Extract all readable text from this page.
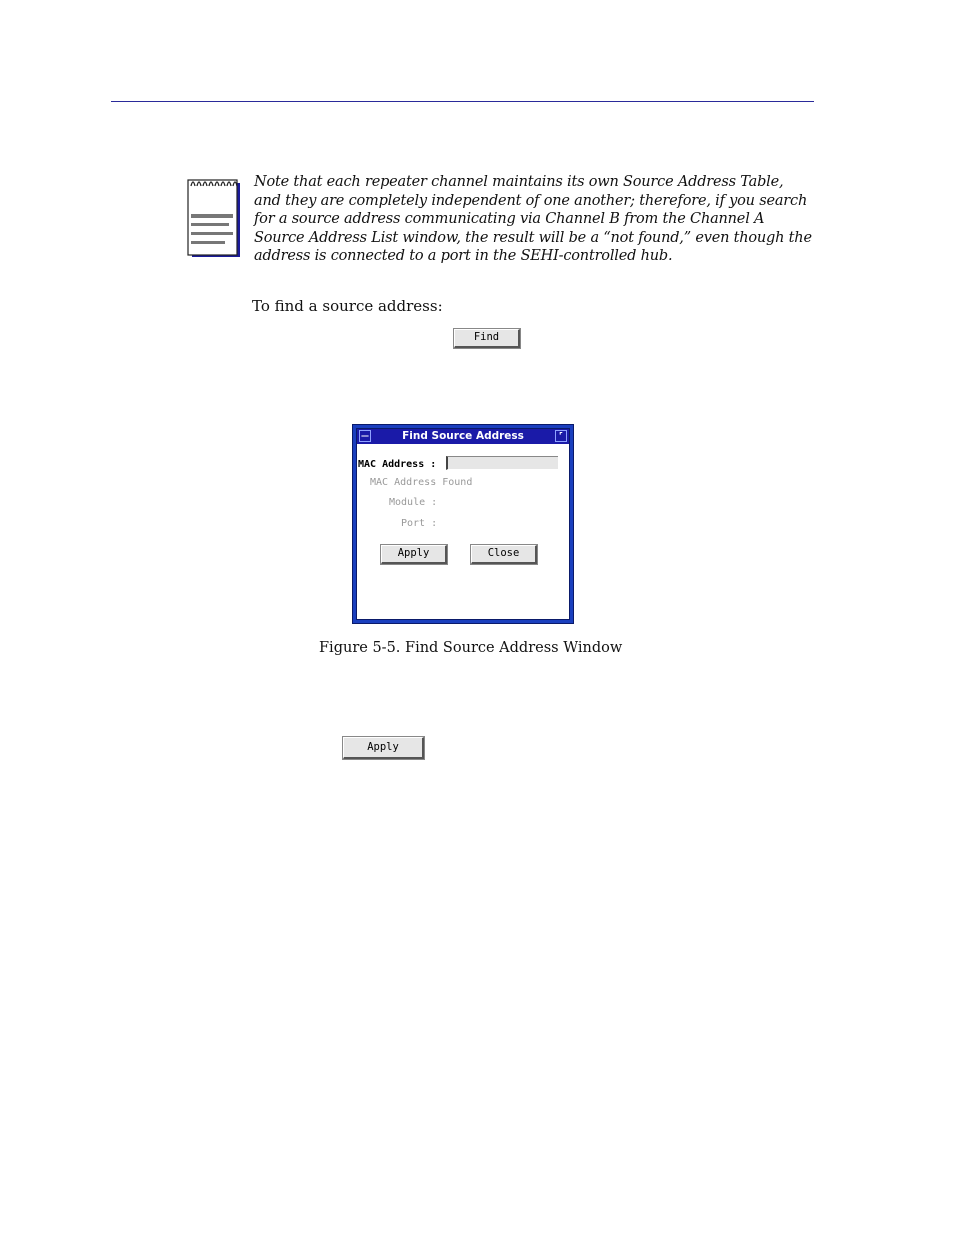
Note that each repeater channel maintains its own Source Address Table, and they are completely independent of one another; therefore, if you search for a source address communicating via Channel B from the Channel A Source Address List window, the result will be a “not found,” even though the address is connected to a port in the SEHI-controlled hub.
To find a source address:
Find
—	Find Source Address	⌜
MAC Address :
MAC Address Found
Module :
Port :
Apply	Close
Figure 5-5. Find Source Address Window
Apply
